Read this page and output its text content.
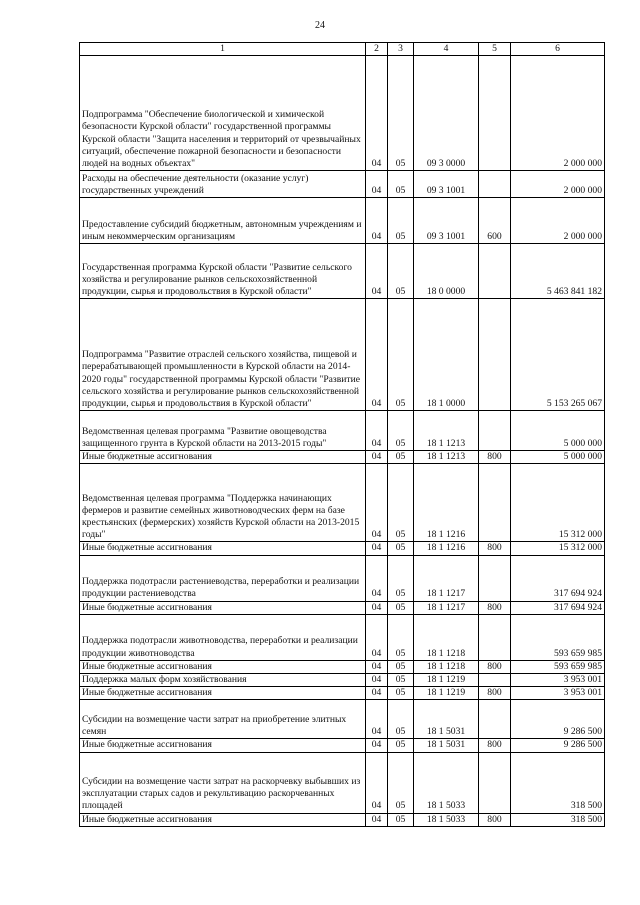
24
1	2	3	4	5	6
Подпрограмма "Обеспечение биологической и химической безопасности Курской области" государственной программы Курской области "Защита населения и территорий от чрезвычайных ситуаций, обеспечение пожарной безопасности и безопасности людей на водных объектах"	04	05	09 3 0000		2 000 000
Расходы на обеспечение деятельности (оказание услуг) государственных учреждений	04	05	09 3 1001		2 000 000
Предоставление субсидий бюджетным, автономным учреждениям и иным некоммерческим организациям	04	05	09 3 1001	600	2 000 000
Государственная программа Курской области "Развитие сельского хозяйства и регулирование рынков сельскохозяйственной продукции, сырья и продовольствия в Курской области"	04	05	18 0 0000		5 463 841 182
Подпрограмма "Развитие отраслей сельского хозяйства, пищевой и перерабатывающей промышленности в Курской области на 2014-2020 годы" государственной программы Курской области "Развитие сельского хозяйства и регулирование рынков сельскохозяйственной продукции, сырья и продовольствия в Курской области"	04	05	18 1 0000		5 153 265 067
Ведомственная целевая программа "Развитие овощеводства защищенного грунта в Курской области на 2013-2015 годы"	04	05	18 1 1213		5 000 000
Иные бюджетные ассигнования	04	05	18 1 1213	800	5 000 000
Ведомственная целевая программа "Поддержка начинающих фермеров и развитие семейных животноводческих ферм на базе крестьянских (фермерских) хозяйств Курской области на 2013-2015 годы"	04	05	18 1 1216		15 312 000
Иные бюджетные ассигнования	04	05	18 1 1216	800	15 312 000
Поддержка подотрасли растениеводства, переработки и реализации продукции растениеводства	04	05	18 1 1217		317 694 924
Иные бюджетные ассигнования	04	05	18 1 1217	800	317 694 924
Поддержка подотрасли животноводства, переработки и реализации продукции животноводства	04	05	18 1 1218		593 659 985
Иные бюджетные ассигнования	04	05	18 1 1218	800	593 659 985
Поддержка малых форм хозяйствования	04	05	18 1 1219		3 953 001
Иные бюджетные ассигнования	04	05	18 1 1219	800	3 953 001
Субсидии на возмещение части затрат на приобретение элитных семян	04	05	18 1 5031		9 286 500
Иные бюджетные ассигнования	04	05	18 1 5031	800	9 286 500
Субсидии на возмещение части затрат на раскорчевку выбывших из эксплуатации старых садов и рекультивацию раскорчеванных площадей	04	05	18 1 5033		318 500
Иные бюджетные ассигнования	04	05	18 1 5033	800	318 500
